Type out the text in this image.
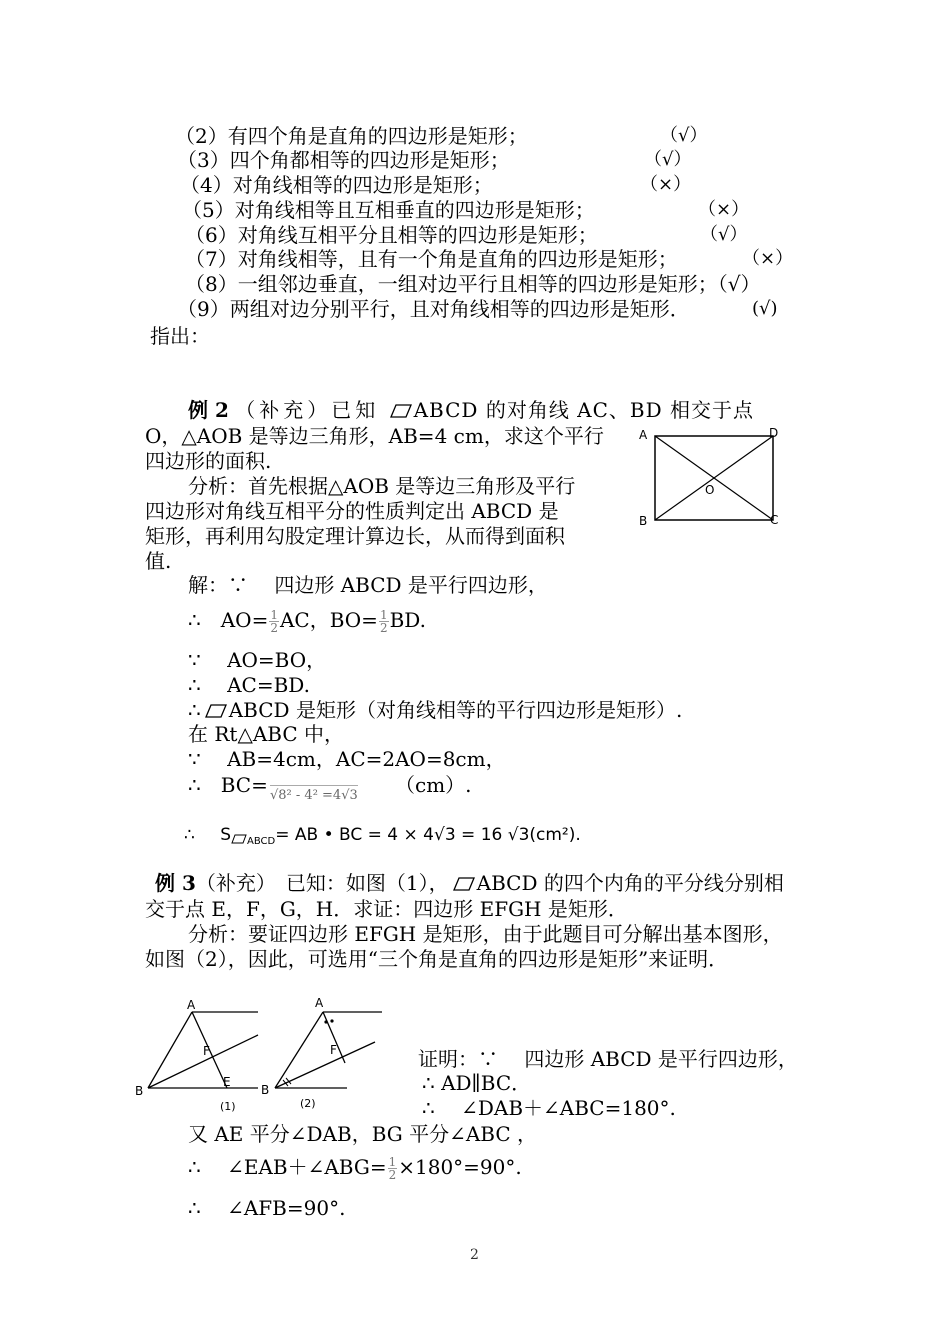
（2）有四个角是直角的四边形是矩形；	（√）
（3）四个角都相等的四边形是矩形；	（√）
（4）对角线相等的四边形是矩形；	（×）
（5）对角线相等且互相垂直的四边形是矩形；	（×）
（6）对角线互相平分且相等的四边形是矩形；	（√）
（7）对角线相等，且有一个角是直角的四边形是矩形；	（×）
（8）一组邻边垂直，一组对边平行且相等的四边形是矩形；（√）
（9）两组对边分别平行，且对角线相等的四边形是矩形．	(√)
指出：
例 2 （补充）已知 ABCD 的对角线 AC、BD 相交于点
O，△AOB 是等边三角形，AB=4 cm，求这个平行
四边形的面积.
分析：首先根据△AOB 是等边三角形及平行
四边形对角线互相平分的性质判定出 ABCD 是
矩形，再利用勾股定理计算边长，从而得到面积
值.
A	D
B	C
O
解：∵　 四边形 ABCD 是平行四边形，
∴　$AO= \frac{1}{2}$ AC，$BO= \frac{1}{2}$ BD.
∵　 AO=BO，
∴　 AC=BD.
∴ ABCD 是矩形（对角线相等的平行四边形是矩形）.
在 Rt△ABC 中，
∵　 AB=4cm，AC=2AO=8cm，
∴　BC= √8² - 4² =4√3 （cm）.
∴ S $_{ABCD}$= AB • BC = 4 × 4√3 = 16 √3(cm²).
例 3（补充）　已知：如图（1）， ABCD 的四个内角的平分线分别相
交于点 E，F，G，H．求证：四边形 EFGH 是矩形．
分析：要证四边形 EFGH 是矩形，由于此题目可分解出基本图形，
如图（2），因此，可选用“三个角是直角的四边形是矩形”来证明．
A
B
E
F
(1)
A
B
F
(2)
证明：∵　 四边形 ABCD 是平行四边形，
∴ AD∥BC．
∴　 ∠DAB＋∠ABC=180°.
又 AE 平分∠DAB，BG 平分∠ABC ，
∴　 ∠EAB＋∠ABG= $\frac{1}{2} \times 180^\circ=90^\circ$.
∴　 ∠AFB=90°.
2
